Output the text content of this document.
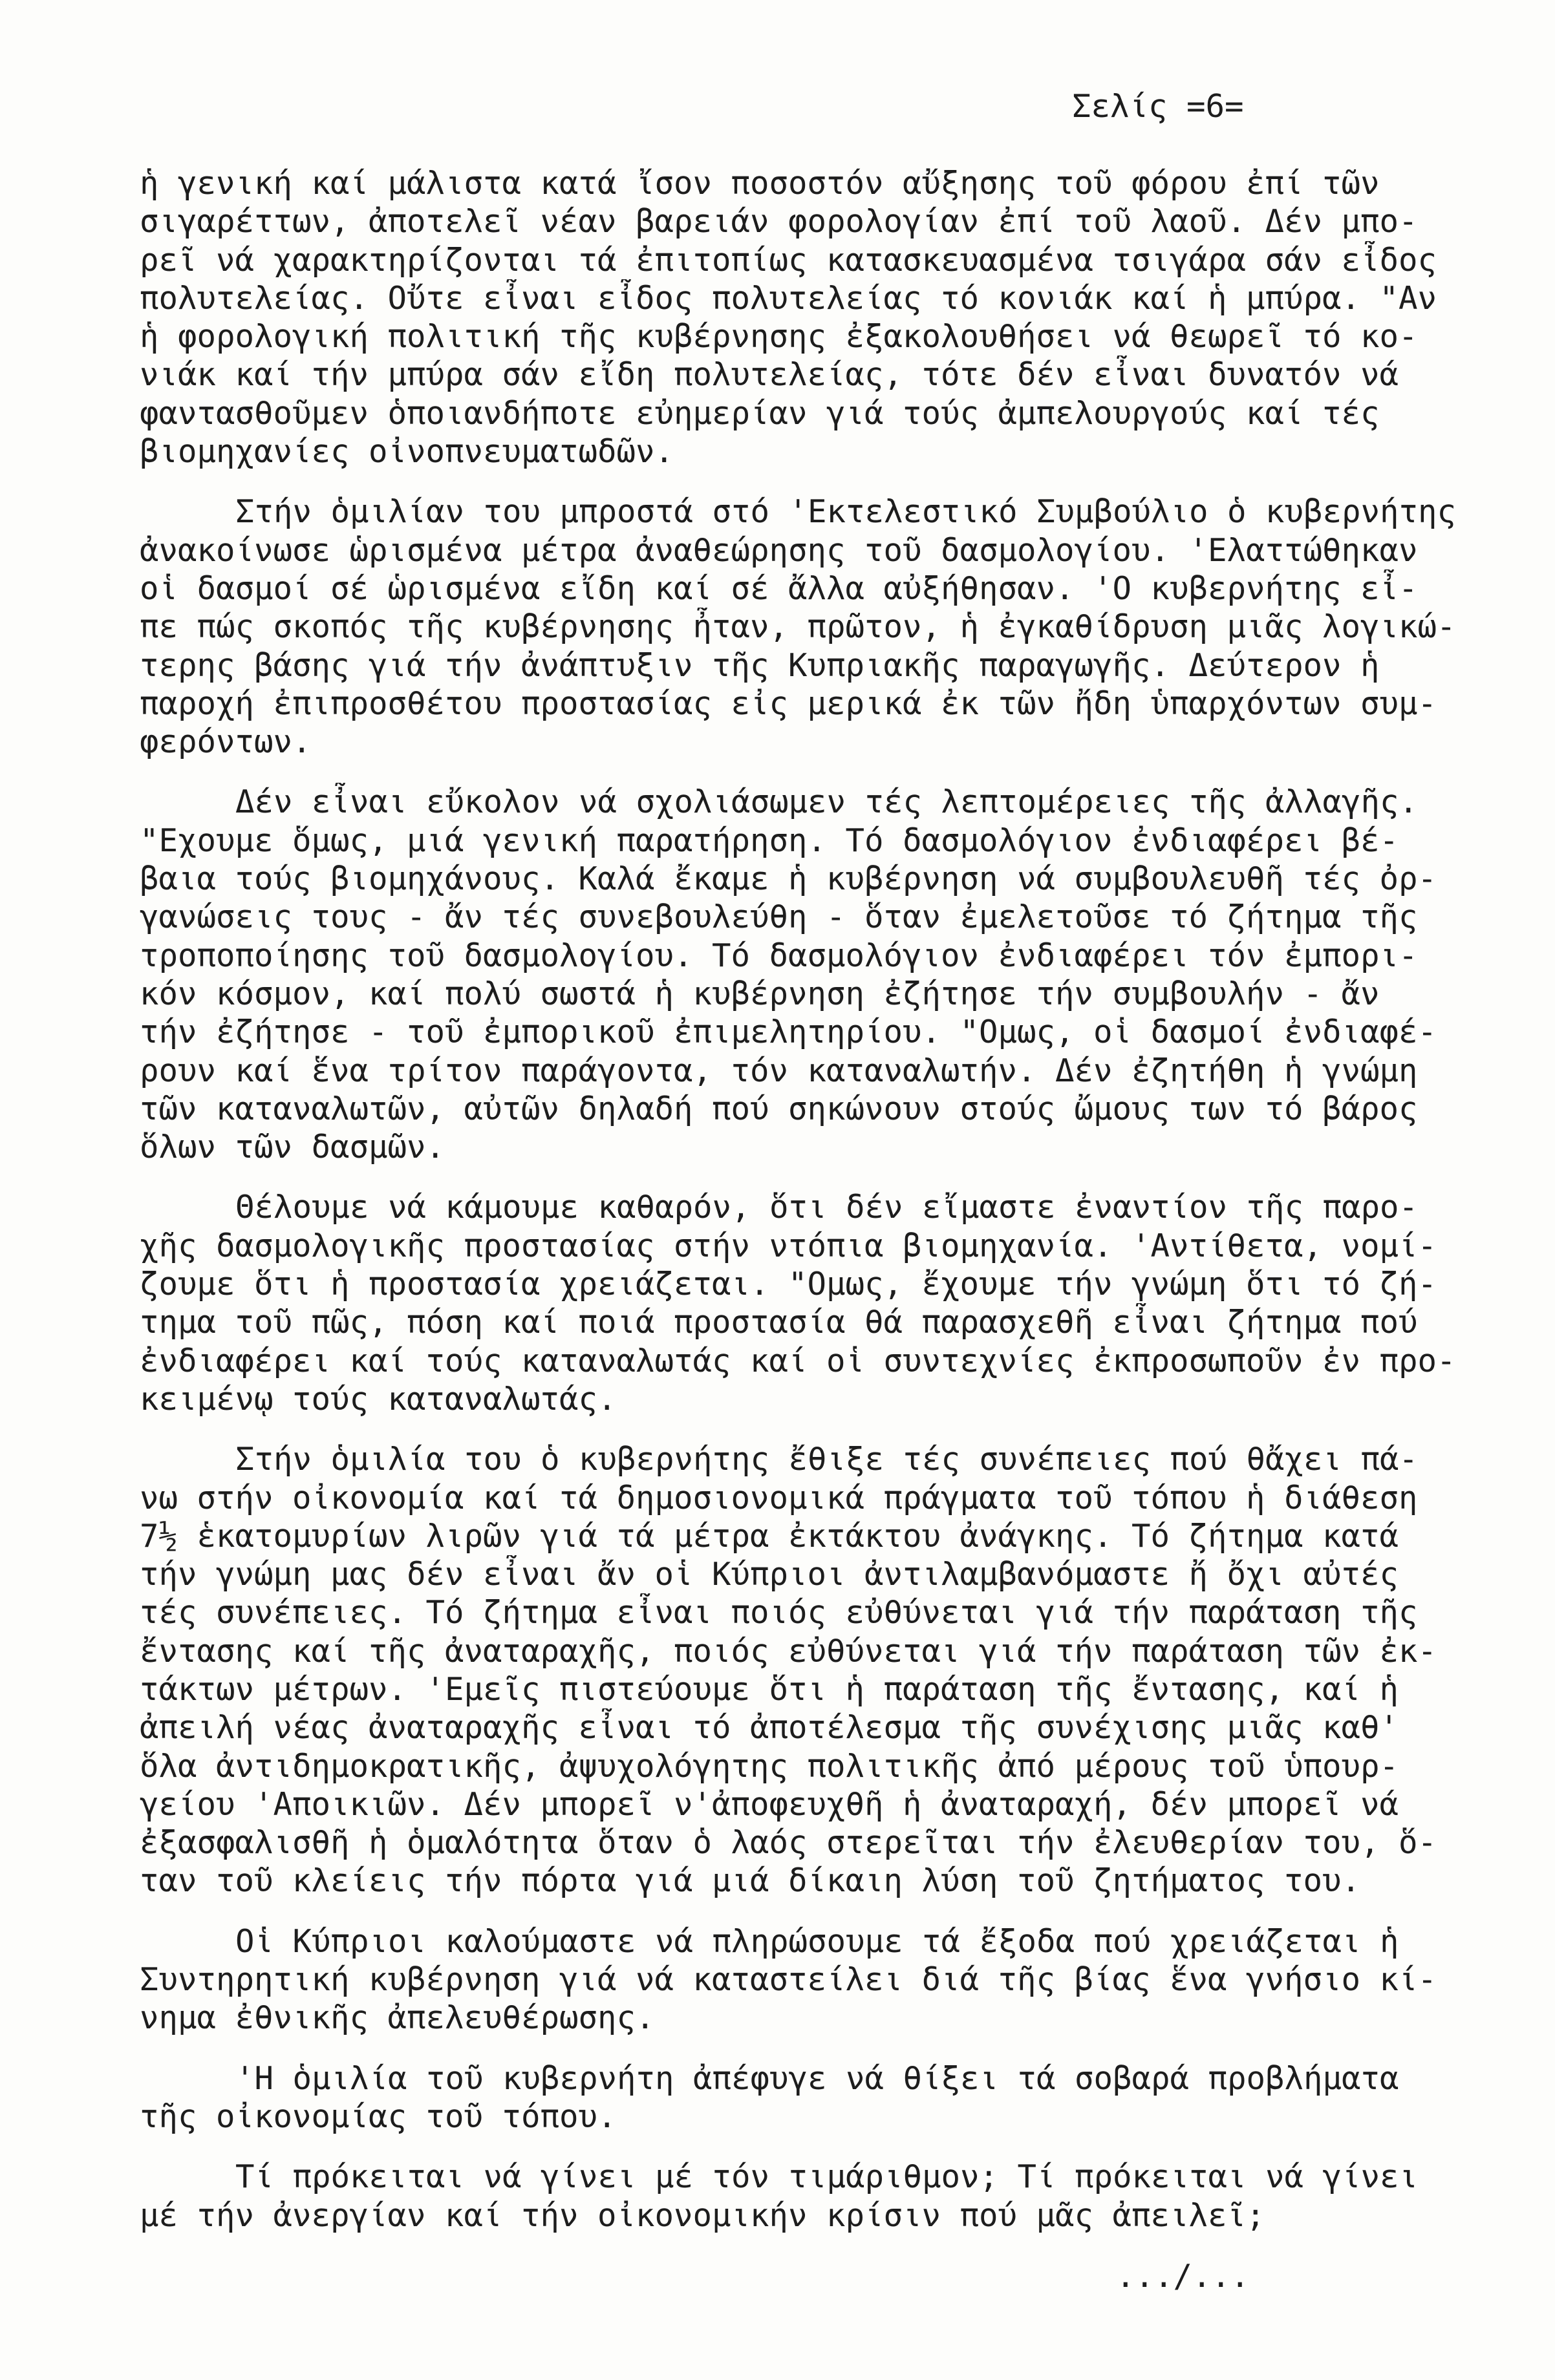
Σελίς =6=
ἡ γενική καί μάλιστα κατά ἴσον ποσοστόν αὔξησης τοῦ φόρου ἐπί τῶν
σιγαρέττων, ἀποτελεῖ νέαν βαρειάν φορολογίαν ἐπί τοῦ λαοῦ. Δέν μπο-
ρεῖ νά χαρακτηρίζονται τά ἐπιτοπίως κατασκευασμένα τσιγάρα σάν εἶδος
πολυτελείας. Οὔτε εἶναι εἶδος πολυτελείας τό κονιάκ καί ἡ μπύρα. "Αν
ἡ φορολογική πολιτική τῆς κυβέρνησης ἐξακολουθήσει νά θεωρεῖ τό κο-
νιάκ καί τήν μπύρα σάν εἴδη πολυτελείας, τότε δέν εἶναι δυνατόν νά
φαντασθοῦμεν ὁποιανδήποτε εὐημερίαν γιά τούς ἀμπελουργούς καί τές
βιομηχανίες οἰνοπνευματωδῶν.
Στήν ὁμιλίαν του μπροστά στό 'Εκτελεστικό Συμβούλιο ὁ κυβερνήτης
ἀνακοίνωσε ὡρισμένα μέτρα ἀναθεώρησης τοῦ δασμολογίου. 'Ελαττώθηκαν
οἱ δασμοί σέ ὡρισμένα εἴδη καί σέ ἄλλα αὐξήθησαν. 'Ο κυβερνήτης εἶ-
πε πώς σκοπός τῆς κυβέρνησης ἦταν, πρῶτον, ἡ ἐγκαθίδρυση μιᾶς λογικώ-
τερης βάσης γιά τήν ἀνάπτυξιν τῆς Κυπριακῆς παραγωγῆς. Δεύτερον ἡ
παροχή ἐπιπροσθέτου προστασίας εἰς μερικά ἐκ τῶν ἤδη ὑπαρχόντων συμ-
φερόντων.
Δέν εἶναι εὔκολον νά σχολιάσωμεν τές λεπτομέρειες τῆς ἀλλαγῆς.
"Εχουμε ὅμως, μιά γενική παρατήρηση. Τό δασμολόγιον ἐνδιαφέρει βέ-
βαια τούς βιομηχάνους. Καλά ἔκαμε ἡ κυβέρνηση νά συμβουλευθῆ τές ὀρ-
γανώσεις τους - ἄν τές συνεβουλεύθη - ὅταν ἐμελετοῦσε τό ζήτημα τῆς
τροποποίησης τοῦ δασμολογίου. Τό δασμολόγιον ἐνδιαφέρει τόν ἐμπορι-
κόν κόσμον, καί πολύ σωστά ἡ κυβέρνηση ἐζήτησε τήν συμβουλήν - ἄν
τήν ἐζήτησε - τοῦ ἐμπορικοῦ ἐπιμελητηρίου. "Ομως, οἱ δασμοί ἐνδιαφέ-
ρουν καί ἕνα τρίτον παράγοντα, τόν καταναλωτήν. Δέν ἐζητήθη ἡ γνώμη
τῶν καταναλωτῶν, αὐτῶν δηλαδή πού σηκώνουν στούς ὤμους των τό βάρος
ὅλων τῶν δασμῶν.
Θέλουμε νά κάμουμε καθαρόν, ὅτι δέν εἴμαστε ἐναντίον τῆς παρο-
χῆς δασμολογικῆς προστασίας στήν ντόπια βιομηχανία. 'Αντίθετα, νομί-
ζουμε ὅτι ἡ προστασία χρειάζεται. "Ομως, ἔχουμε τήν γνώμη ὅτι τό ζή-
τημα τοῦ πῶς, πόση καί ποιά προστασία θά παρασχεθῆ εἶναι ζήτημα πού
ἐνδιαφέρει καί τούς καταναλωτάς καί οἱ συντεχνίες ἐκπροσωποῦν ἐν προ-
κειμένῳ τούς καταναλωτάς.
Στήν ὁμιλία του ὁ κυβερνήτης ἔθιξε τές συνέπειες πού θἄχει πά-
νω στήν οἰκονομία καί τά δημοσιονομικά πράγματα τοῦ τόπου ἡ διάθεση
7½ ἑκατομυρίων λιρῶν γιά τά μέτρα ἐκτάκτου ἀνάγκης. Τό ζήτημα κατά
τήν γνώμη μας δέν εἶναι ἄν οἱ Κύπριοι ἀντιλαμβανόμαστε ἤ ὄχι αὐτές
τές συνέπειες. Τό ζήτημα εἶναι ποιός εὐθύνεται γιά τήν παράταση τῆς
ἔντασης καί τῆς ἀναταραχῆς, ποιός εὐθύνεται γιά τήν παράταση τῶν ἐκ-
τάκτων μέτρων. 'Εμεῖς πιστεύουμε ὅτι ἡ παράταση τῆς ἔντασης, καί ἡ
ἀπειλή νέας ἀναταραχῆς εἶναι τό ἀποτέλεσμα τῆς συνέχισης μιᾶς καθ'
ὅλα ἀντιδημοκρατικῆς, ἀψυχολόγητης πολιτικῆς ἀπό μέρους τοῦ ὑπουρ-
γείου 'Αποικιῶν. Δέν μπορεῖ ν'ἀποφευχθῆ ἡ ἀναταραχή, δέν μπορεῖ νά
ἐξασφαλισθῆ ἡ ὁμαλότητα ὅταν ὁ λαός στερεῖται τήν ἐλευθερίαν του, ὅ-
ταν τοῦ κλείεις τήν πόρτα γιά μιά δίκαιη λύση τοῦ ζητήματος του.
Οἱ Κύπριοι καλούμαστε νά πληρώσουμε τά ἔξοδα πού χρειάζεται ἡ
Συντηρητική κυβέρνηση γιά νά καταστείλει διά τῆς βίας ἕνα γνήσιο κί-
νημα ἐθνικῆς ἀπελευθέρωσης.
'Η ὁμιλία τοῦ κυβερνήτη ἀπέφυγε νά θίξει τά σοβαρά προβλήματα
τῆς οἰκονομίας τοῦ τόπου.
Τί πρόκειται νά γίνει μέ τόν τιμάριθμον; Τί πρόκειται νά γίνει
μέ τήν ἀνεργίαν καί τήν οἰκονομικήν κρίσιν πού μᾶς ἀπειλεῖ;
.../...
